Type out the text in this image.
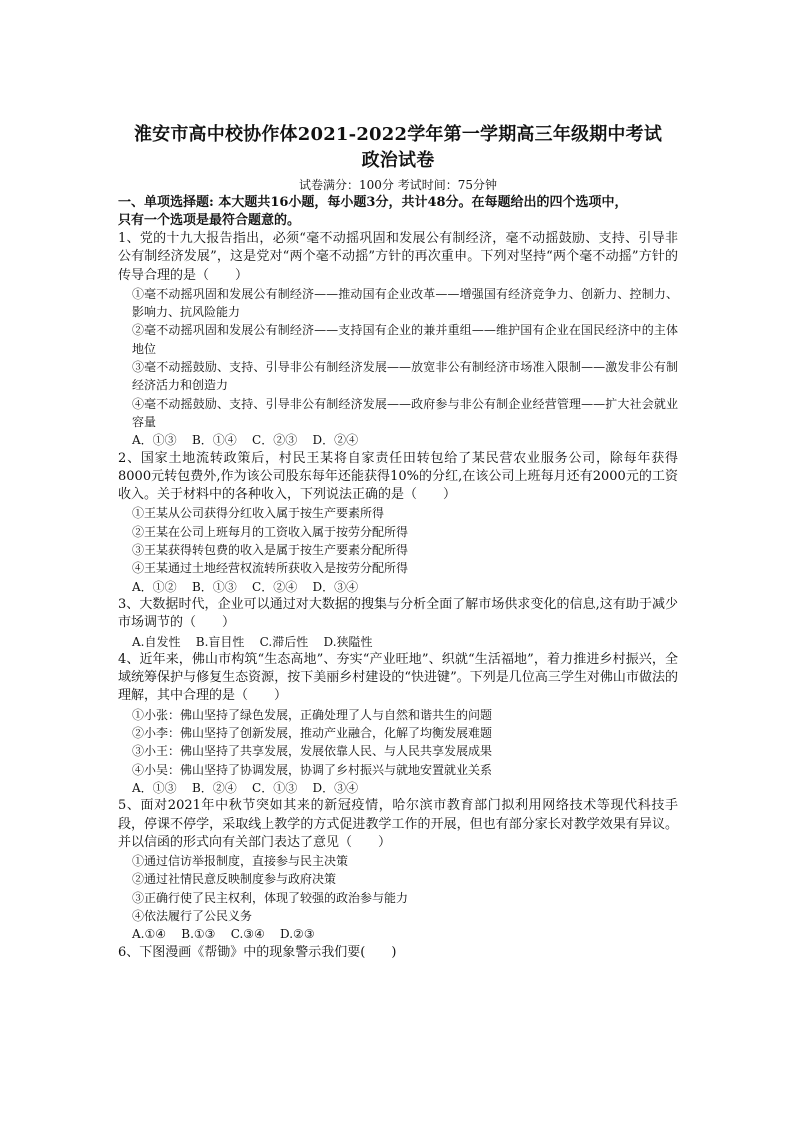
淮安市高中校协作体2021-2022学年第一学期高三年级期中考试
政治试卷
试卷满分：100分 考试时间：75分钟
一、单项选择题: 本大题共16小题，每小题3分，共计48分。在每题给出的四个选项中，
只有一个选项是最符合题意的。

1、党的十九大报告指出，必须“毫不动摇巩固和发展公有制经济，毫不动摇鼓励、支持、引导非公有制经济发展”，这是党对“两个毫不动摇”方针的再次重申。下列对坚持“两个毫不动摇”方针的传导合理的是（　　）

①毫不动摇巩固和发展公有制经济——推动国有企业改革——增强国有经济竞争力、创新力、控制力、影响力、抗风险能力

②毫不动摇巩固和发展公有制经济——支持国有企业的兼并重组——维护国有企业在国民经济中的主体地位

③毫不动摇鼓励、支持、引导非公有制经济发展——放宽非公有制经济市场准入限制——激发非公有制经济活力和创造力

④毫不动摇鼓励、支持、引导非公有制经济发展——政府参与非公有制企业经营管理——扩大社会就业容量

A．①③ B．①④ C．②③ D．②④

2、国家土地流转政策后，村民王某将自家责任田转包给了某民营农业服务公司，除每年获得8000元转包费外,作为该公司股东每年还能获得10%的分红,在该公司上班每月还有2000元的工资收入。关于材料中的各种收入，下列说法正确的是（　　）

①王某从公司获得分红收入属于按生产要素所得

②王某在公司上班每月的工资收入属于按劳分配所得

③王某获得转包费的收入是属于按生产要素分配所得

④王某通过土地经营权流转所获收入是按劳分配所得

A．①② B．①③ C．②④ D．③④

3、大数据时代，企业可以通过对大数据的搜集与分析全面了解市场供求变化的信息,这有助于减少市场调节的（　　）

A.自发性 B.盲目性 C.滞后性 D.狭隘性

4、近年来，佛山市构筑“生态高地”、夯实“产业旺地”、织就“生活福地”，着力推进乡村振兴，全域统筹保护与修复生态资源，按下美丽乡村建设的“快进键”。下列是几位高三学生对佛山市做法的理解，其中合理的是（　　）

①小张：佛山坚持了绿色发展，正确处理了人与自然和谐共生的问题

②小李：佛山坚持了创新发展，推动产业融合，化解了均衡发展难题

③小王：佛山坚持了共享发展，发展依靠人民、与人民共享发展成果

④小吴：佛山坚持了协调发展，协调了乡村振兴与就地安置就业关系

A．①③ B．②④ C．①③ D．③④

5、面对2021年中秋节突如其来的新冠疫情，哈尔滨市教育部门拟利用网络技术等现代科技手段，停课不停学，采取线上教学的方式促进教学工作的开展，但也有部分家长对教学效果有异议。并以信函的形式向有关部门表达了意见（　　）

①通过信访举报制度，直接参与民主决策

②通过社情民意反映制度参与政府决策

③正确行使了民主权利，体现了较强的政治参与能力

④依法履行了公民义务

A.①④ B.①③ C.③④ D.②③

6、下图漫画《帮锄》中的现象警示我们要(　　)
